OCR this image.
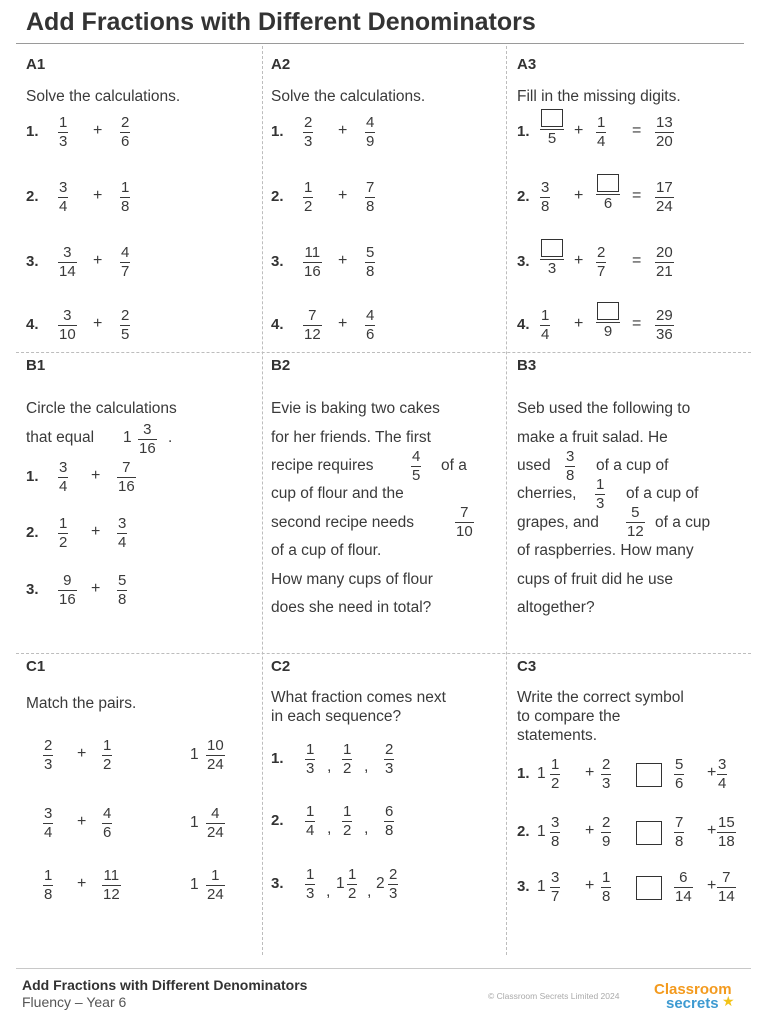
Add Fractions with Different Denominators
A1
Solve the calculations.
1. $\frac{1}{3} + \frac{2}{6}$
2. $\frac{3}{4} + \frac{1}{8}$
3. $\frac{3}{14} + \frac{4}{7}$
4. $\frac{3}{10} + \frac{2}{5}$
A2
Solve the calculations.
1. $\frac{2}{3} + \frac{4}{9}$
2. $\frac{1}{2} + \frac{7}{8}$
3. $\frac{11}{16} + \frac{5}{8}$
4. $\frac{7}{12} + \frac{4}{6}$
A3
Fill in the missing digits.
1.	5	+ $\frac{1}{4} = \frac{13}{20}$
2. $\frac{3}{8}$ +	6	= $\frac{17}{24}$
3.	3	+ $\frac{2}{7} = \frac{20}{21}$
4. $\frac{1}{4}$ +	9	= $\frac{29}{36}$
B1
Circle the calculations
that equal $1 \frac{3}{16}$ .
1. $\frac{3}{4} + \frac{7}{16}$
2. $\frac{1}{2} + \frac{3}{4}$
3. $\frac{9}{16} + \frac{5}{8}$
B2
Evie is baking two cakes
for her friends. The first
recipe requires $\frac{4}{5}$ of a
cup of flour and the
second recipe needs	$\frac{7}{10}$
of a cup of flour.
How many cups of flour
does she need in total?
B3
Seb used the following to
make a fruit salad. He
used $\frac{3}{8}$ of a cup of
cherries, $\frac{1}{3}$ of a cup of
grapes, and $\frac{5}{12}$ of a cup
of raspberries. How many
cups of fruit did he use
altogether?
C1
Match the pairs.
$\frac{2}{3} + \frac{1}{2}$	$1 \frac{10}{24}$
$\frac{3}{4} + \frac{4}{6}$	$1 \frac{4}{24}$
$\frac{1}{8} + \frac{11}{12}$	$1 \frac{1}{24}$
C2
What fraction comes next
in each sequence?
1. $\frac{1}{3}$ , $\frac{1}{2}$ , $\frac{2}{3}$
2. $\frac{1}{4}$ , $\frac{1}{2}$ , $\frac{6}{8}$
3. $\frac{1}{3}$ , $1 \frac{1}{2}$ , $2 \frac{2}{3}$
C3
Write the correct symbol
to compare the
statements.
1. $1 \frac{1}{2} + \frac{2}{3}$	$\frac{5}{6} + \frac{3}{4}$
2. $1 \frac{3}{8} + \frac{2}{9}$	$\frac{7}{8} + \frac{15}{18}$
3. $1 \frac{3}{7} + \frac{1}{8}$	$\frac{6}{14} + \frac{7}{14}$
Add Fractions with Different Denominators
Fluency – Year 6	© Classroom Secrets Limited 2024 Classroom
secrets ★
